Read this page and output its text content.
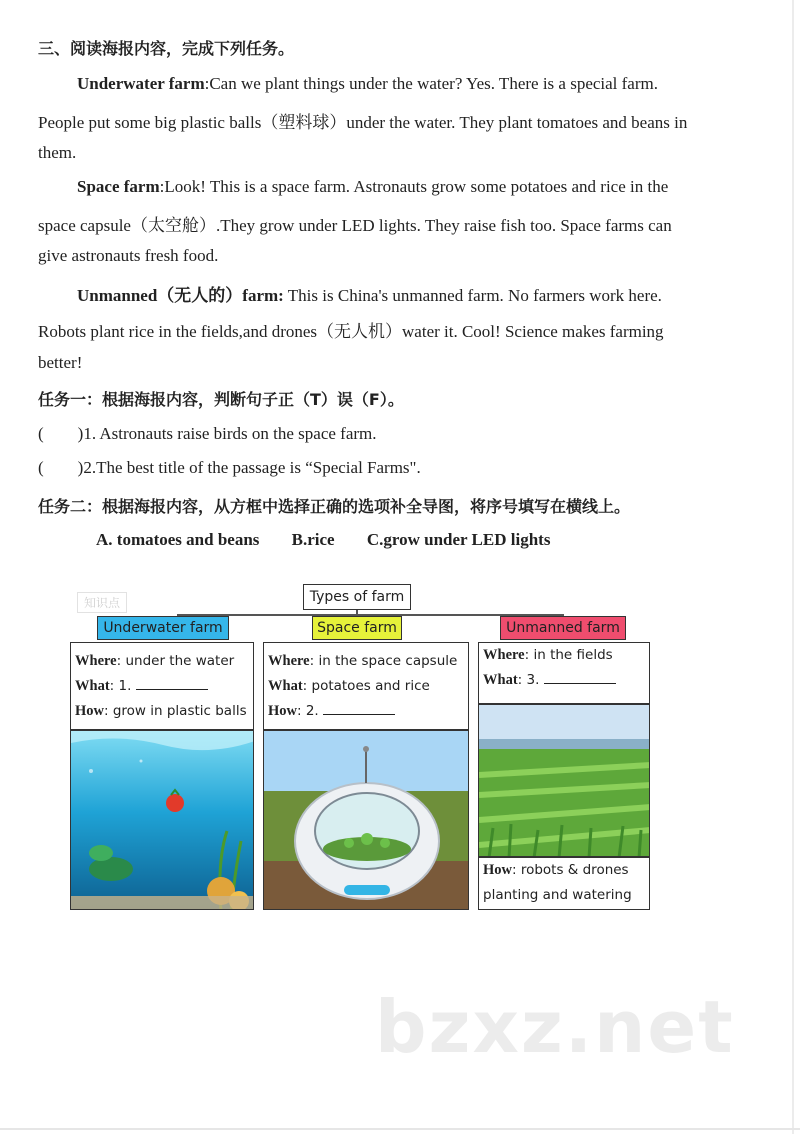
三、阅读海报内容，完成下列任务。
Underwater farm:Can we plant things under the water? Yes. There is a special farm.
People put some big plastic balls（塑料球）under the water. They plant tomatoes and beans in
them.
Space farm:Look! This is a space farm. Astronauts grow some potatoes and rice in the
space capsule（太空舱）.They grow under LED lights. They raise fish too. Space farms can
give astronauts fresh food.
Unmanned（无人的）farm: This is China's unmanned farm. No farmers work here.
Robots plant rice in the fields,and drones（无人机）water it. Cool! Science makes farming
better!
任务一：根据海报内容，判断句子正（T）误（F）。
(        )1. Astronauts raise birds on the space farm.
(        )2.The best title of the passage is “Special Farms".
任务二：根据海报内容，从方框中选择正确的选项补全导图，将序号填写在横线上。
A. tomatoes and beans B.rice C.grow under LED lights
知识点	Types of farm
Underwater farm	Space farm	Unmanned farm
Where: under the water
What: 1.
How: grow in plastic balls
Where: in the space capsule
What: potatoes and rice
How: 2.
Where: in the fields
What: 3.
How: robots & drones
planting and watering
bzxz.net
